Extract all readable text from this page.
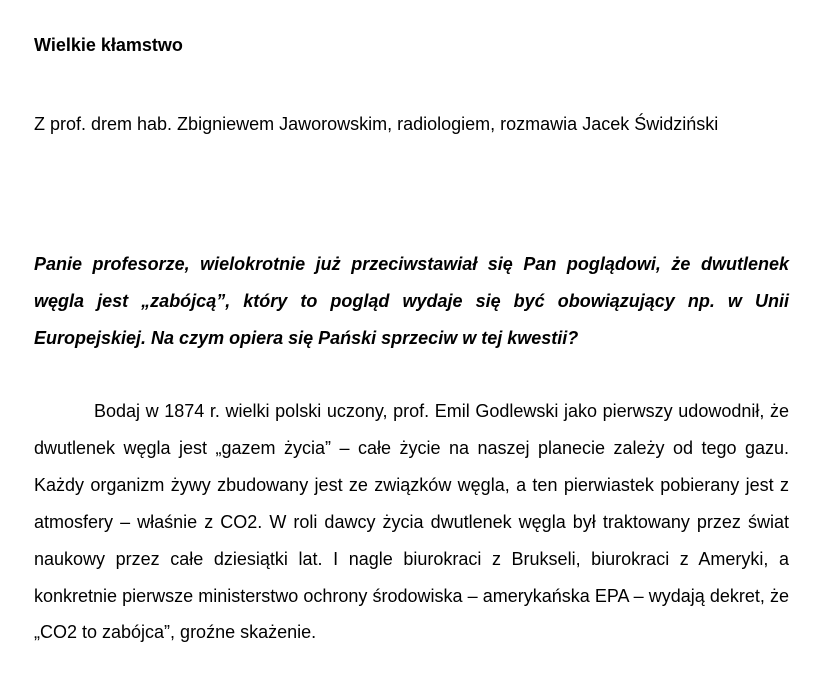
Wielkie kłamstwo

Z prof. drem hab. Zbigniewem Jaworowskim, radiologiem, rozmawia Jacek Świdziński

Panie profesorze, wielokrotnie już przeciwstawiał się Pan poglądowi, że dwutlenek węgla jest „zabójcą”, który to pogląd wydaje się być obowiązujący np. w Unii Europejskiej. Na czym opiera się Pański sprzeciw w tej kwestii?

Bodaj w 1874 r. wielki polski uczony, prof. Emil Godlewski jako pierwszy udowodnił, że dwutlenek węgla jest „gazem życia” – całe życie na naszej planecie zależy od tego gazu. Każdy organizm żywy zbudowany jest ze związków węgla, a ten pierwiastek pobierany jest z atmosfery – właśnie z CO2. W roli dawcy życia dwutlenek węgla był traktowany przez świat naukowy przez całe dziesiątki lat. I nagle biurokraci z Brukseli, biurokraci z Ameryki, a konkretnie pierwsze ministerstwo ochrony środowiska – amerykańska EPA – wydają dekret, że „CO2 to zabójca”, groźne skażenie.
